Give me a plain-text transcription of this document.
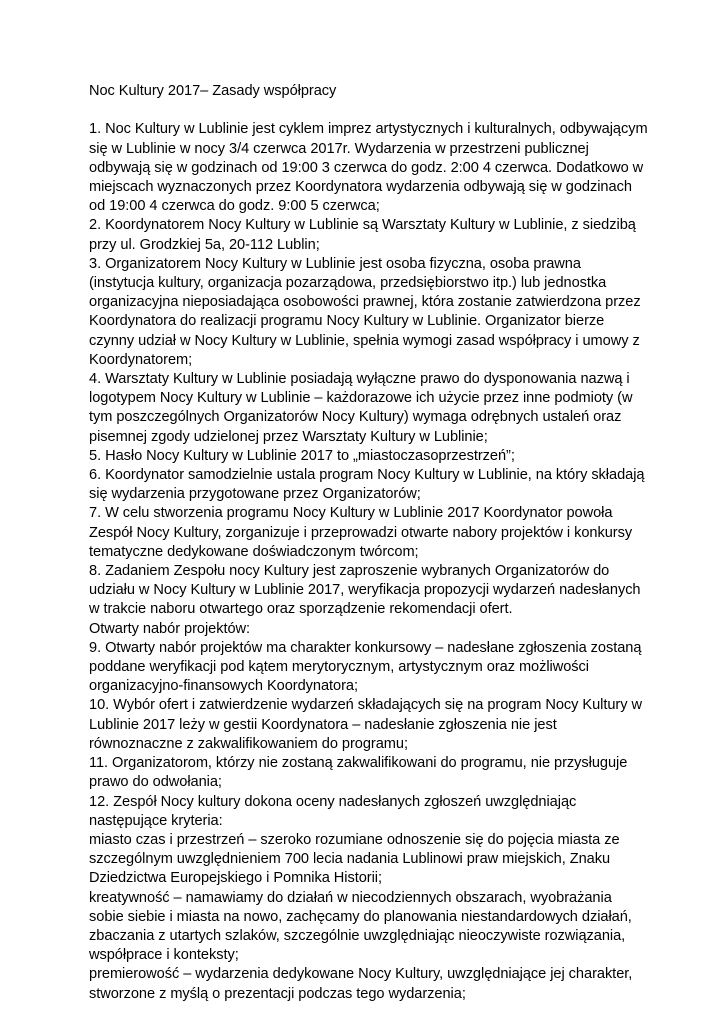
Noc Kultury 2017– Zasady współpracy

1. Noc Kultury w Lublinie jest cyklem imprez artystycznych i kulturalnych, odbywającym się w Lublinie w nocy 3/4 czerwca 2017r. Wydarzenia w przestrzeni publicznej odbywają się w godzinach od 19:00 3 czerwca do godz. 2:00 4 czerwca. Dodatkowo w miejscach wyznaczonych przez Koordynatora wydarzenia odbywają się w godzinach od 19:00 4 czerwca do godz. 9:00 5 czerwca;

2. Koordynatorem Nocy Kultury w Lublinie są Warsztaty Kultury w Lublinie, z siedzibą przy ul. Grodzkiej 5a, 20-112 Lublin;

3. Organizatorem Nocy Kultury w Lublinie jest osoba fizyczna, osoba prawna (instytucja kultury, organizacja pozarządowa, przedsiębiorstwo itp.) lub jednostka organizacyjna nieposiadająca osobowości prawnej, która zostanie zatwierdzona przez Koordynatora do realizacji programu Nocy Kultury w Lublinie. Organizator bierze czynny udział w Nocy Kultury w Lublinie, spełnia wymogi zasad współpracy i umowy z Koordynatorem;

4. Warsztaty Kultury w Lublinie posiadają wyłączne prawo do dysponowania nazwą i logotypem Nocy Kultury w Lublinie – każdorazowe ich użycie przez inne podmioty (w tym poszczególnych Organizatorów Nocy Kultury) wymaga odrębnych ustaleń oraz pisemnej zgody udzielonej przez Warsztaty Kultury w Lublinie;

5. Hasło Nocy Kultury w Lublinie 2017 to „miastoczasoprzestrzeń”;

6. Koordynator samodzielnie ustala program Nocy Kultury w Lublinie, na który składają się wydarzenia przygotowane przez Organizatorów;

7. W celu stworzenia programu Nocy Kultury w Lublinie 2017 Koordynator powoła Zespół Nocy Kultury, zorganizuje i przeprowadzi otwarte nabory projektów i konkursy tematyczne dedykowane doświadczonym twórcom;

8. Zadaniem Zespołu nocy Kultury jest zaproszenie wybranych Organizatorów do udziału w Nocy Kultury w Lublinie 2017, weryfikacja propozycji wydarzeń nadesłanych w trakcie naboru otwartego oraz sporządzenie rekomendacji ofert.

Otwarty nabór projektów:

9. Otwarty nabór projektów ma charakter konkursowy – nadesłane zgłoszenia zostaną poddane weryfikacji pod kątem merytorycznym, artystycznym oraz możliwości organizacyjno-finansowych Koordynatora;

10. Wybór ofert i zatwierdzenie wydarzeń składających się na program Nocy Kultury w Lublinie 2017 leży w gestii Koordynatora – nadesłanie zgłoszenia nie jest równoznaczne z zakwalifikowaniem do programu;

11. Organizatorom, którzy nie zostaną zakwalifikowani do programu, nie przysługuje prawo do odwołania;

12. Zespół Nocy kultury dokona oceny nadesłanych zgłoszeń uwzględniając następujące kryteria:

miasto czas i przestrzeń – szeroko rozumiane odnoszenie się do pojęcia miasta ze szczególnym uwzględnieniem 700 lecia nadania Lublinowi praw miejskich, Znaku Dziedzictwa Europejskiego i Pomnika Historii;

kreatywność – namawiamy do działań w niecodziennych obszarach, wyobrażania sobie siebie i miasta na nowo, zachęcamy do planowania niestandardowych działań, zbaczania z utartych szlaków, szczególnie uwzględniając nieoczywiste rozwiązania, współprace i konteksty;

premierowość – wydarzenia dedykowane Nocy Kultury, uwzględniające jej charakter, stworzone z myślą o prezentacji podczas tego wydarzenia;
